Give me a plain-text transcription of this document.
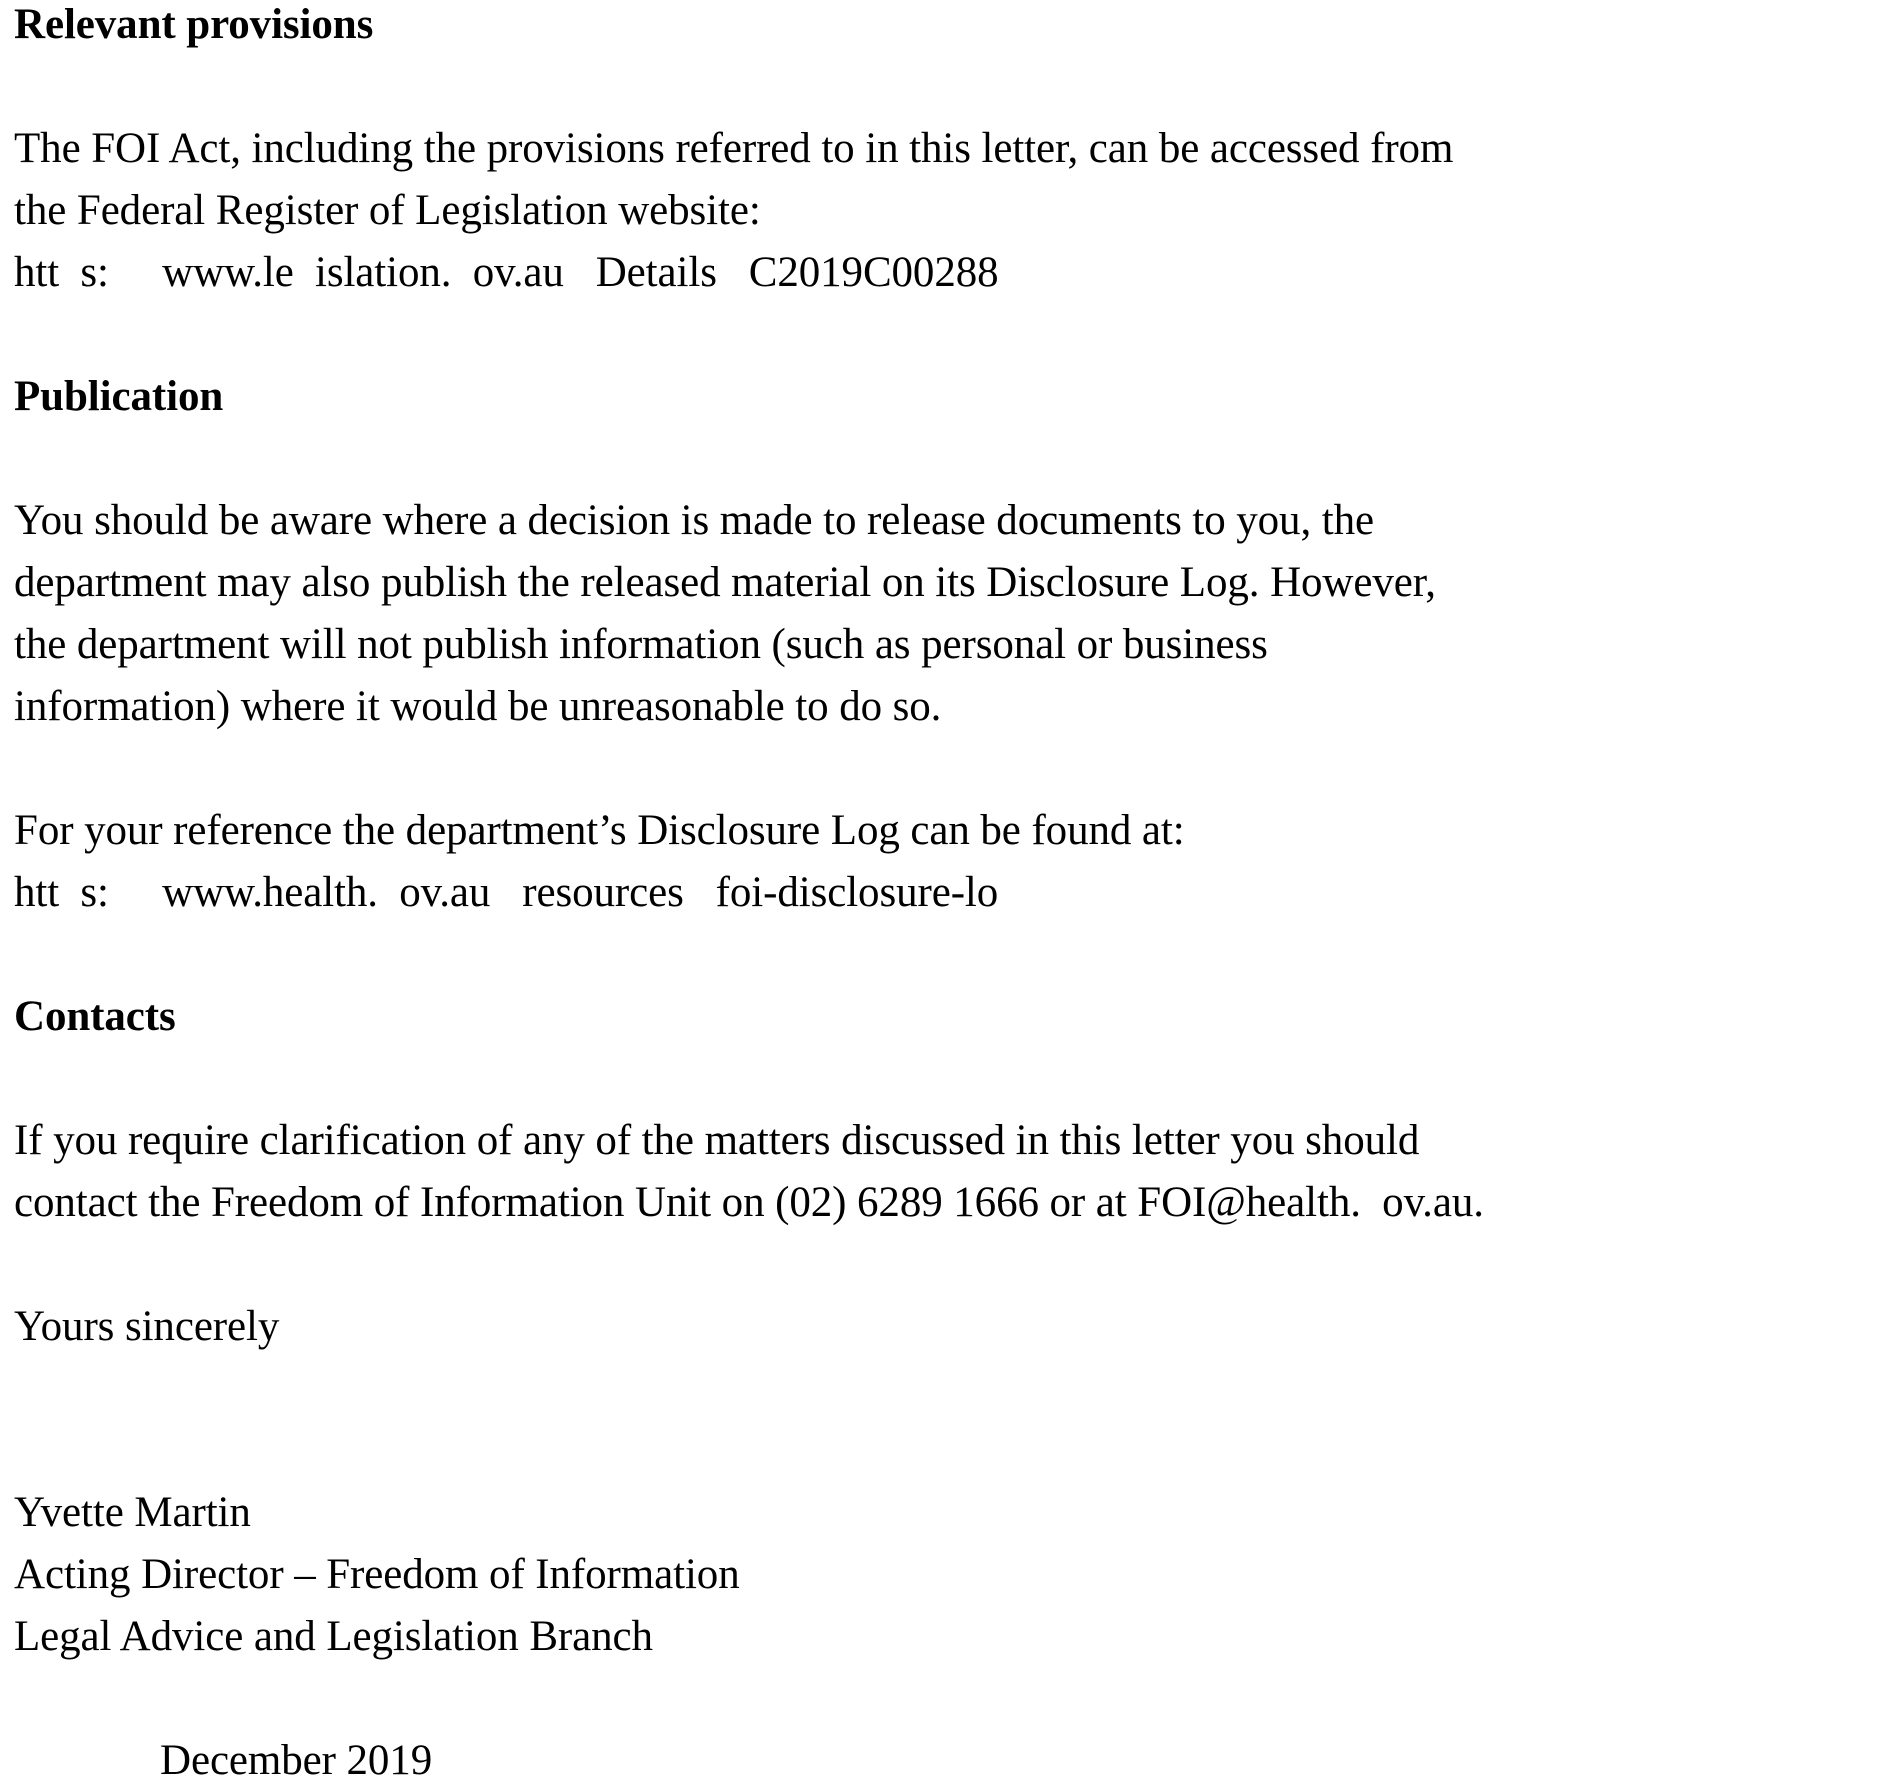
Relevant provisions

The FOI Act, including the provisions referred to in this letter, can be accessed from
the Federal Register of Legislation website:
htt  s:     www.le  islation.  ov.au   Details   C2019C00288

Publication

You should be aware where a decision is made to release documents to you, the
department may also publish the released material on its Disclosure Log. However,
the department will not publish information (such as personal or business
information) where it would be unreasonable to do so.

For your reference the department’s Disclosure Log can be found at:
htt  s:     www.health.  ov.au   resources   foi-disclosure-lo

Contacts

If you require clarification of any of the matters discussed in this letter you should
contact the Freedom of Information Unit on (02) 6289 1666 or at FOI@health.  ov.au.

Yours sincerely
Yvette Martin
Acting Director – Freedom of Information
Legal Advice and Legislation Branch
December 2019
